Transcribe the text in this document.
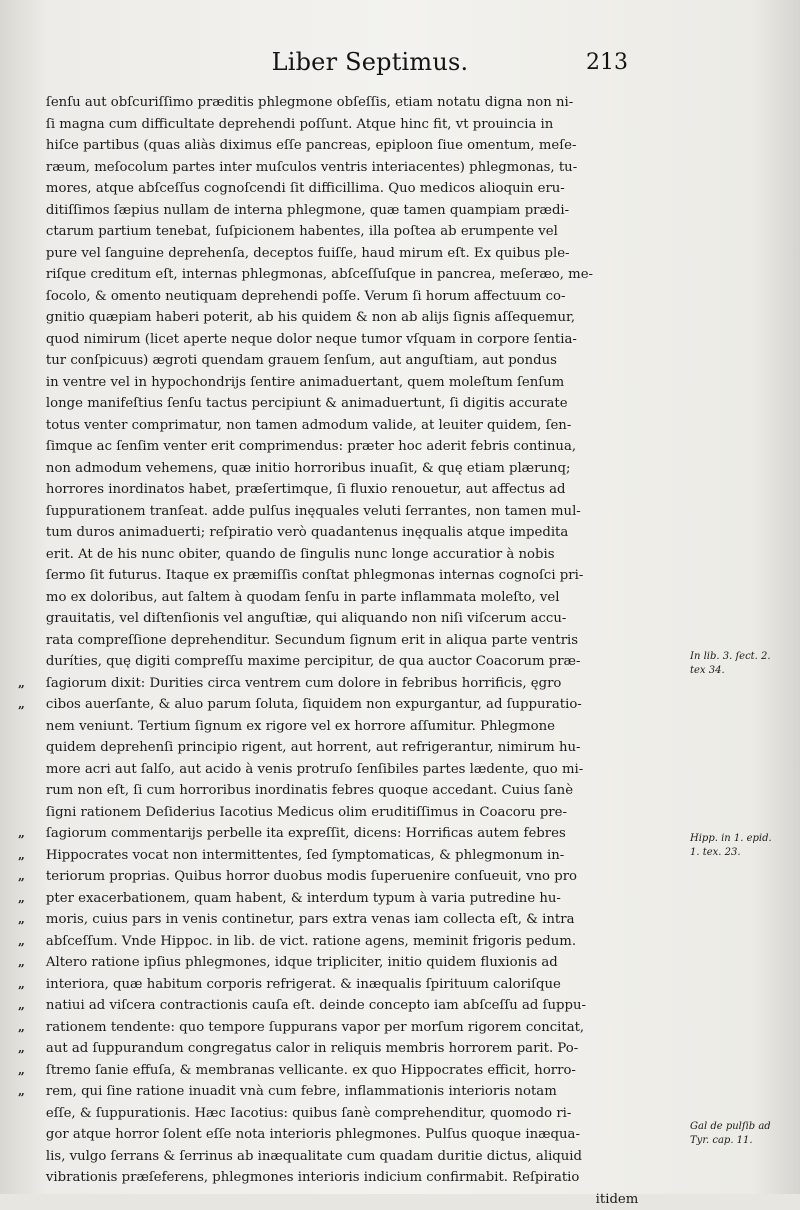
Liber Septimus.	213
ſenſu aut obſcuriſſimo præditis phlegmone obſeſſis, etiam notatu digna non ni-
ſi magna cum difficultate deprehendi poſſunt. Atque hinc fit, vt prouincia in
hiſce partibus (quas aliàs diximus eſſe pancreas, epiploon ſiue omentum, meſe-
ræum, meſocolum partes inter muſculos ventris interiacentes) phlegmonas, tu-
mores, atque abſceſſus cognoſcendi ſit difficillima. Quo medicos alioquin eru-
ditiſſimos ſæpius nullam de interna phlegmone, quæ tamen quampiam prædi-
ctarum partium tenebat, ſuſpicionem habentes, illa poſtea ab erumpente vel
pure vel ſanguine deprehenſa, deceptos fuiſſe, haud mirum eſt. Ex quibus ple-
riſque creditum eſt, internas phlegmonas, abſceſſuſque in pancrea, meſeræo, me-
ſocolo, & omento neutiquam deprehendi poſſe. Verum ſi horum affectuum co-
gnitio quæpiam haberi poterit, ab his quidem & non ab alijs ſignis aſſequemur,
quod nimirum (licet aperte neque dolor neque tumor vſquam in corpore ſentia-
tur conſpicuus) ægroti quendam grauem ſenſum, aut anguſtiam, aut pondus
in ventre vel in hypochondrijs ſentire animaduertant, quem moleſtum ſenſum
longe manifeſtius ſenſu tactus percipiunt & animaduertunt, ſi digitis accurate
totus venter comprimatur, non tamen admodum valide, at leuiter quidem, ſen-
ſimque ac ſenſim venter erit comprimendus: præter hoc aderit febris continua,
non admodum vehemens, quæ initio horroribus inuaſit, & quę etiam plærunq;
horrores inordinatos habet, præſertimque, ſi fluxio renouetur, aut affectus ad
ſuppurationem tranſeat. adde pulſus inęquales veluti ſerrantes, non tamen mul-
tum duros animaduerti; reſpiratio verò quadantenus inęqualis atque impedita
erit. At de his nunc obiter, quando de ſingulis nunc longe accuratior à nobis
ſermo ſit futurus. Itaque ex præmiſſis conſtat phlegmonas internas cognoſci pri-
mo ex doloribus, aut ſaltem à quodam ſenſu in parte inflammata moleſto, vel
grauitatis, vel diſtenſionis vel anguſtiæ, qui aliquando non niſi viſcerum accu-
rata compreſſione deprehenditur. Secundum ſignum erit in aliqua parte ventris
duríties, quę digiti compreſſu maxime percipitur, de qua auctor Coacorum præ-
„	ſagiorum dixit: Durities circa ventrem cum dolore in febribus horrificis, ęgro
„	cibos auerſante, & aluo parum ſoluta, ſiquidem non expurgantur, ad ſuppuratio-
nem veniunt. Tertium ſignum ex rigore vel ex horrore aſſumitur. Phlegmone
quidem deprehenſi principio rigent, aut horrent, aut refrigerantur, nimirum hu-
more acri aut ſalſo, aut acido à venis protruſo ſenſibiles partes lædente, quo mi-
rum non eſt, ſi cum horroribus inordinatis febres quoque accedant. Cuius ſanè
ſigni rationem Deſiderius Iacotius Medicus olim eruditiſſimus in Coacoru pre-
„	ſagiorum commentarijs perbelle ita expreſſit, dicens: Horrificas autem febres
„	Hippocrates vocat non intermittentes, ſed ſymptomaticas, & phlegmonum in-
„	teriorum proprias. Quibus horror duobus modis ſuperuenire conſueuit, vno pro
„	pter exacerbationem, quam habent, & interdum typum à varia putredine hu-
„	moris, cuius pars in venis continetur, pars extra venas iam collecta eſt, & intra
„	abſceſſum. Vnde Hippoc. in lib. de vict. ratione agens, meminit frigoris pedum.
„	Altero ratione ipſius phlegmones, idque tripliciter, initio quidem fluxionis ad
„	interiora, quæ habitum corporis refrigerat. & inæqualis ſpirituum caloriſque
„	natiui ad viſcera contractionis cauſa eſt. deinde concepto iam abſceſſu ad ſuppu-
„	rationem tendente: quo tempore ſuppurans vapor per morſum rigorem concitat,
„	aut ad ſuppurandum congregatus calor in reliquis membris horrorem parit. Po-
„	ſtremo ſanie effuſa, & membranas vellicante. ex quo Hippocrates efficit, horro-
„	rem, qui ſine ratione inuadit vnà cum febre, inflammationis interioris notam
eſſe, & ſuppurationis. Hæc Iacotius: quibus ſanè comprehenditur, quomodo ri-
gor atque horror ſolent eſſe nota interioris phlegmones. Pulſus quoque inæqua-
lis, vulgo ſerrans & ſerrinus ab inæqualitate cum quadam duritie dictus, aliquid
vibrationis præſeferens, phlegmones interioris indicium confirmabit. Reſpiratio
itidem
In lib. 3. ſect. 2.
tex 34.
Hipp. in 1. epid.
1. tex. 23.
Gal de pulſib ad
Tyr. cap. 11.
